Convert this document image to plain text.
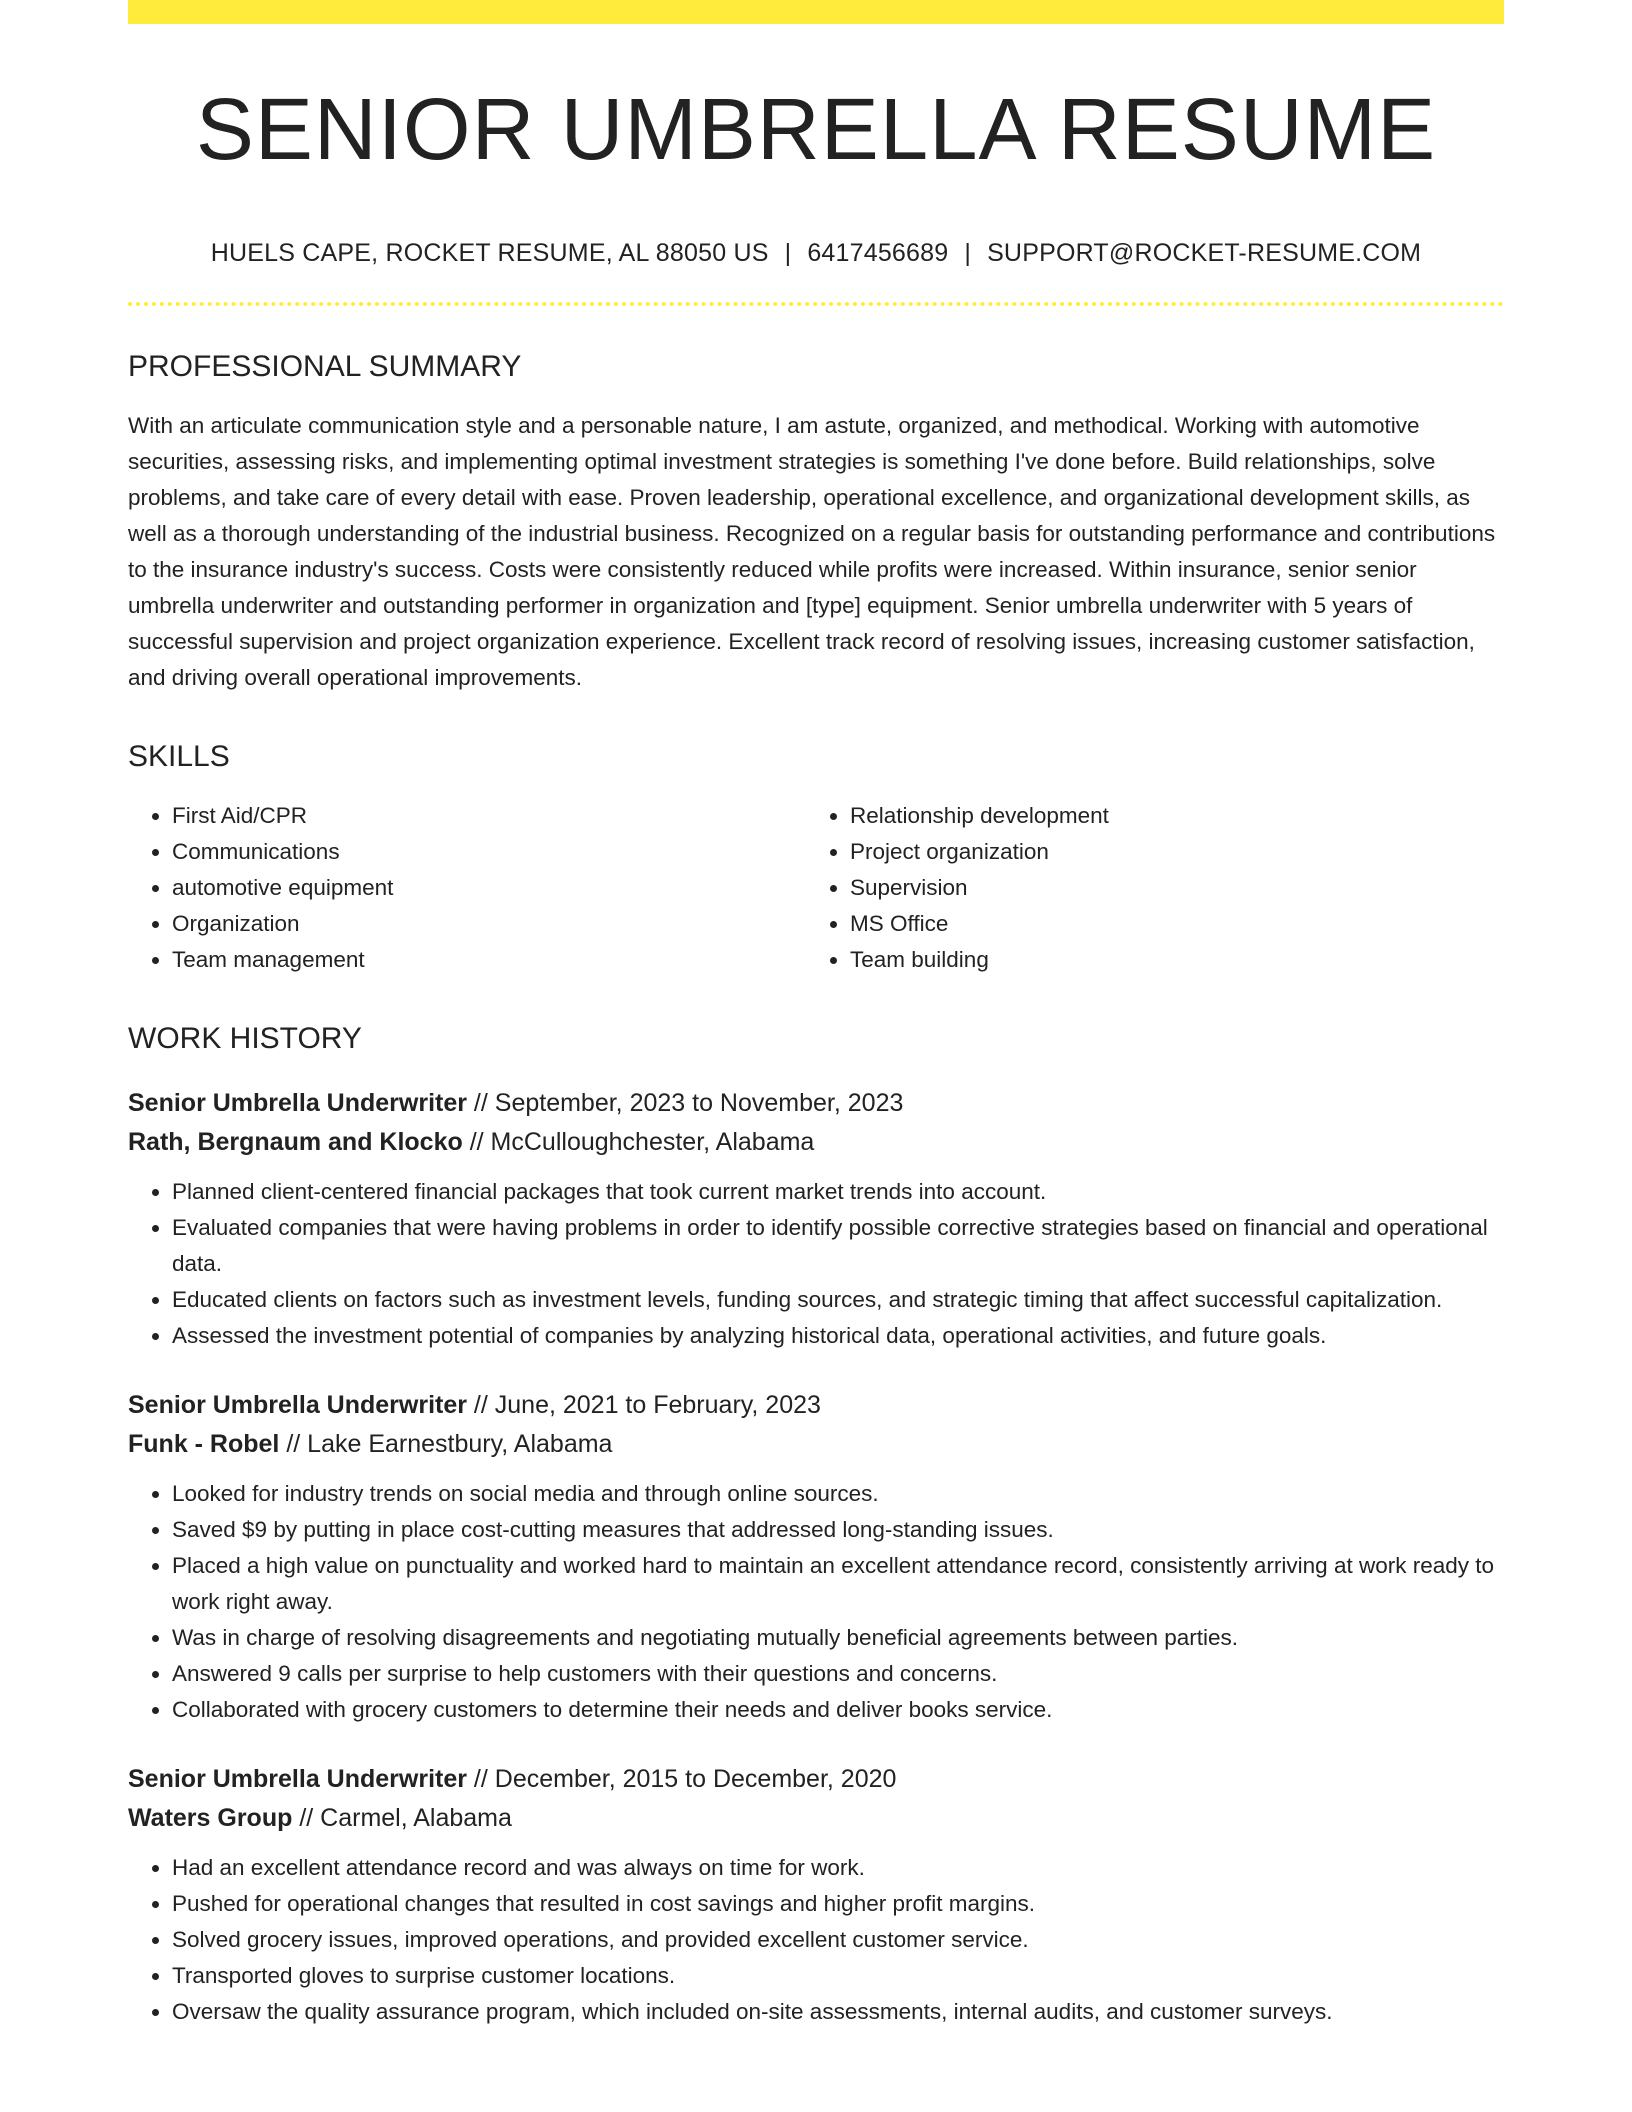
SENIOR UMBRELLA RESUME
HUELS CAPE, ROCKET RESUME, AL 88050 US | 6417456689 | SUPPORT@ROCKET-RESUME.COM
PROFESSIONAL SUMMARY

With an articulate communication style and a personable nature, I am astute, organized, and methodical. Working with automotive securities, assessing risks, and implementing optimal investment strategies is something I've done before. Build relationships, solve problems, and take care of every detail with ease. Proven leadership, operational excellence, and organizational development skills, as well as a thorough understanding of the industrial business. Recognized on a regular basis for outstanding performance and contributions to the insurance industry's success. Costs were consistently reduced while profits were increased. Within insurance, senior senior umbrella underwriter and outstanding performer in organization and [type] equipment. Senior umbrella underwriter with 5 years of successful supervision and project organization experience. Excellent track record of resolving issues, increasing customer satisfaction, and driving overall operational improvements.

SKILLS
• First Aid/CPR
• Communications
• automotive equipment
• Organization
• Team management
• Relationship development
• Project organization
• Supervision
• MS Office
• Team building
WORK HISTORY
Senior Umbrella Underwriter // September, 2023 to November, 2023
Rath, Bergnaum and Klocko // McCulloughchester, Alabama
• Planned client-centered financial packages that took current market trends into account.
• Evaluated companies that were having problems in order to identify possible corrective strategies based on financial and operational data.
• Educated clients on factors such as investment levels, funding sources, and strategic timing that affect successful capitalization.
• Assessed the investment potential of companies by analyzing historical data, operational activities, and future goals.
Senior Umbrella Underwriter // June, 2021 to February, 2023
Funk - Robel // Lake Earnestbury, Alabama
• Looked for industry trends on social media and through online sources.
• Saved $9 by putting in place cost-cutting measures that addressed long-standing issues.
• Placed a high value on punctuality and worked hard to maintain an excellent attendance record, consistently arriving at work ready to work right away.
• Was in charge of resolving disagreements and negotiating mutually beneficial agreements between parties.
• Answered 9 calls per surprise to help customers with their questions and concerns.
• Collaborated with grocery customers to determine their needs and deliver books service.
Senior Umbrella Underwriter // December, 2015 to December, 2020
Waters Group // Carmel, Alabama
• Had an excellent attendance record and was always on time for work.
• Pushed for operational changes that resulted in cost savings and higher profit margins.
• Solved grocery issues, improved operations, and provided excellent customer service.
• Transported gloves to surprise customer locations.
• Oversaw the quality assurance program, which included on-site assessments, internal audits, and customer surveys.
